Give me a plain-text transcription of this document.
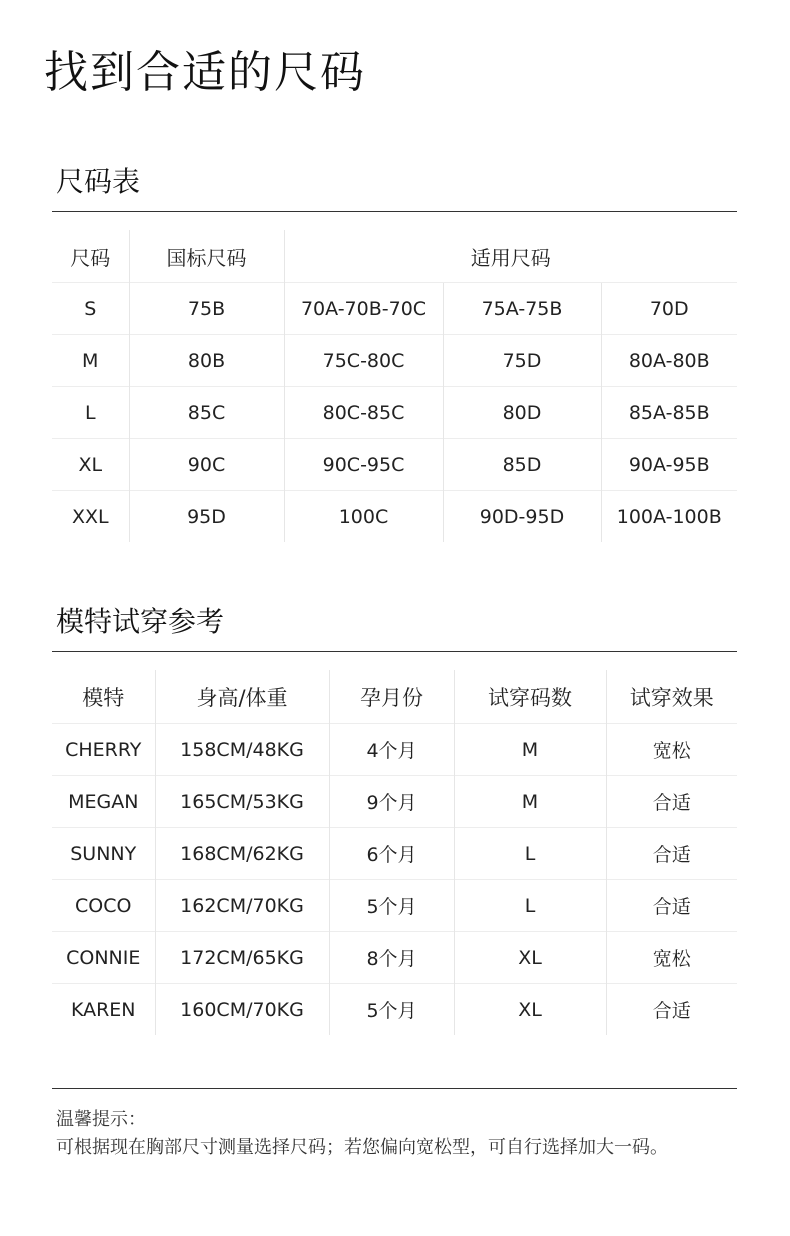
找到合适的尺码
尺码表
尺码	国标尺码	适用尺码		
S	75B	70A-70B-70C	75A-75B	70D
M	80B	75C-80C	75D	80A-80B
L	85C	80C-85C	80D	85A-85B
XL	90C	90C-95C	85D	90A-95B
XXL	95D	100C	90D-95D	100A-100B
模特试穿参考
模特	身高/体重	孕月份	试穿码数	试穿效果
CHERRY	158CM/48KG	4个月	M	宽松
MEGAN	165CM/53KG	9个月	M	合适
SUNNY	168CM/62KG	6个月	L	合适
COCO	162CM/70KG	5个月	L	合适
CONNIE	172CM/65KG	8个月	XL	宽松
KAREN	160CM/70KG	5个月	XL	合适
温馨提示：
可根据现在胸部尺寸测量选择尺码；若您偏向宽松型，可自行选择加大一码。
